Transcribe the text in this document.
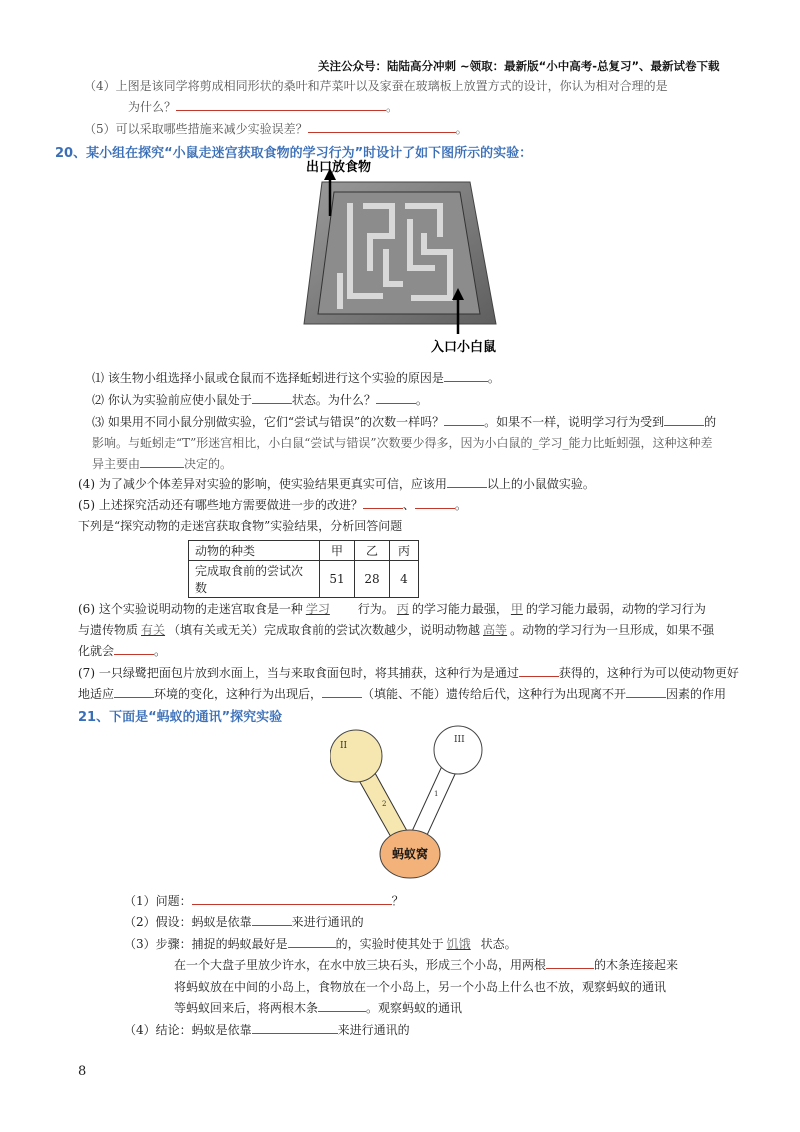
关注公众号：陆陆高分冲刺 ~领取：最新版“小中高考-总复习”、最新试卷下载
（4）上图是该同学将剪成相同形状的桑叶和芹菜叶以及家蚕在玻璃板上放置方式的设计，你认为相对合理的是
为什么？	。
（5）可以采取哪些措施来减少实验误差？	。
20、某小组在探究“小鼠走迷宫获取食物的学习行为”时设计了如下图所示的实验：
出口放食物
入口小白鼠
⑴ 该生物小组选择小鼠或仓鼠而不选择蚯蚓进行这个实验的原因是	。
⑵ 你认为实验前应使小鼠处于	状态。为什么？	。
⑶ 如果用不同小鼠分别做实验，它们“尝试与错误”的次数一样吗？	。如果不一样，说明学习行为受到	的
影响。与蚯蚓走“T”形迷宫相比，小白鼠“尝试与错误”次数要少得多，因为小白鼠的_学习_能力比蚯蚓强，这种这种差
异主要由	决定的。
(4) 为了减少个体差异对实验的影响，使实验结果更真实可信，应该用	以上的小鼠做实验。
(5) 上述探究活动还有哪些地方需要做进一步的改进？	、	。
下列是“探究动物的走迷宫获取食物”实验结果，分析回答问题
动物的种类	甲	乙	丙
完成取食前的尝试次数	51	28	4
(6) 这个实验说明动物的走迷宫取食是一种 学习 行为。 丙 的学习能力最强， 甲 的学习能力最弱，动物的学习行为
与遗传物质 有关 （填有关或无关）完成取食前的尝试次数越少，说明动物越 高等 。动物的学习行为一旦形成，如果不强
化就会	。
(7) 一只绿鹭把面包片放到水面上，当与来取食面包时，将其捕获，这种行为是通过	获得的，这种行为可以使动物更好
地适应	环境的变化，这种行为出现后，	（填能、不能）遗传给后代，这种行为出现离不开	因素的作用
21、下面是“蚂蚁的通讯”探究实验
II
III
2
1
蚂蚁窝
（1）问题：	？
（2）假设：蚂蚁是依靠	来进行通讯的
（3）步骤：捕捉的蚂蚁最好是	的，实验时使其处于 饥饿 状态。
在一个大盘子里放少许水，在水中放三块石头，形成三个小岛，用两根	的木条连接起来
将蚂蚁放在中间的小岛上，食物放在一个小岛上，另一个小岛上什么也不放，观察蚂蚁的通讯
等蚂蚁回来后，将两根木条	。观察蚂蚁的通讯
（4）结论：蚂蚁是依靠	来进行通讯的
8
